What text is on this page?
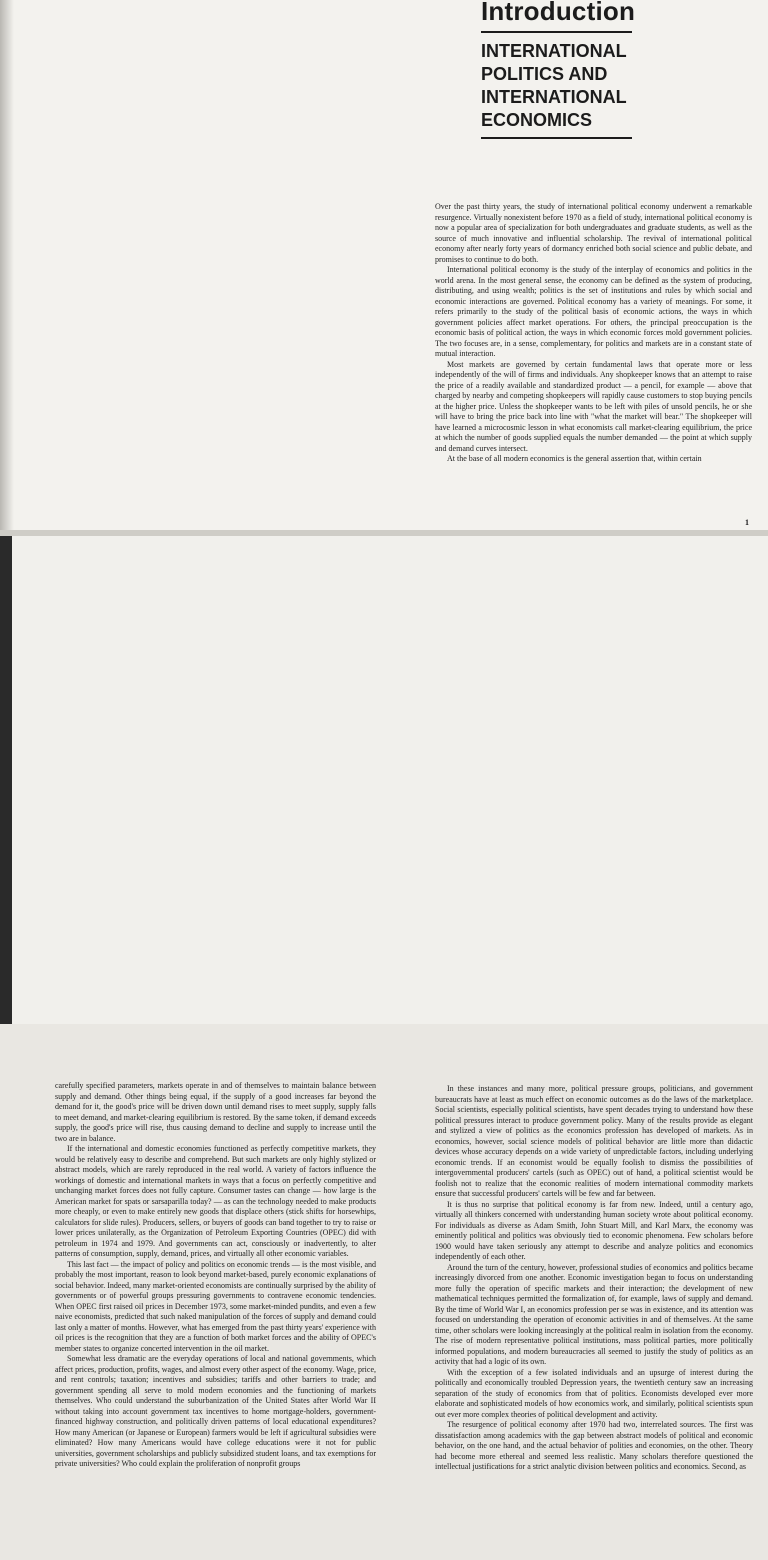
Introduction
INTERNATIONAL
POLITICS AND
INTERNATIONAL
ECONOMICS

Over the past thirty years, the study of international political economy underwent a remarkable resurgence. Virtually nonexistent before 1970 as a field of study, international political economy is now a popular area of specialization for both undergraduates and graduate students, as well as the source of much innovative and influential scholarship. The revival of international political economy after nearly forty years of dormancy enriched both social science and public debate, and promises to continue to do both.

International political economy is the study of the interplay of economics and politics in the world arena. In the most general sense, the economy can be defined as the system of producing, distributing, and using wealth; politics is the set of institutions and rules by which social and economic interactions are governed. Political economy has a variety of meanings. For some, it refers primarily to the study of the political basis of economic actions, the ways in which government policies affect market operations. For others, the principal preoccupation is the economic basis of political action, the ways in which economic forces mold government policies. The two focuses are, in a sense, complementary, for politics and markets are in a constant state of mutual interaction.

Most markets are governed by certain fundamental laws that operate more or less independently of the will of firms and individuals. Any shopkeeper knows that an attempt to raise the price of a readily available and standardized product — a pencil, for example — above that charged by nearby and competing shopkeepers will rapidly cause customers to stop buying pencils at the higher price. Unless the shopkeeper wants to be left with piles of unsold pencils, he or she will have to bring the price back into line with "what the market will bear." The shopkeeper will have learned a microcosmic lesson in what economists call market-clearing equilibrium, the price at which the number of goods supplied equals the number demanded — the point at which supply and demand curves intersect.

At the base of all modern economics is the general assertion that, within certain

1

carefully specified parameters, markets operate in and of themselves to maintain balance between supply and demand. Other things being equal, if the supply of a good increases far beyond the demand for it, the good's price will be driven down until demand rises to meet supply, supply falls to meet demand, and market-clearing equilibrium is restored. By the same token, if demand exceeds supply, the good's price will rise, thus causing demand to decline and supply to increase until the two are in balance.

If the international and domestic economies functioned as perfectly competitive markets, they would be relatively easy to describe and comprehend. But such markets are only highly stylized or abstract models, which are rarely reproduced in the real world. A variety of factors influence the workings of domestic and international markets in ways that a focus on perfectly competitive and unchanging market forces does not fully capture. Consumer tastes can change — how large is the American market for spats or sarsaparilla today? — as can the technology needed to make products more cheaply, or even to make entirely new goods that displace others (stick shifts for horsewhips, calculators for slide rules). Producers, sellers, or buyers of goods can band together to try to raise or lower prices unilaterally, as the Organization of Petroleum Exporting Countries (OPEC) did with petroleum in 1974 and 1979. And governments can act, consciously or inadvertently, to alter patterns of consumption, supply, demand, prices, and virtually all other economic variables.

This last fact — the impact of policy and politics on economic trends — is the most visible, and probably the most important, reason to look beyond market-based, purely economic explanations of social behavior. Indeed, many market-oriented economists are continually surprised by the ability of governments or of powerful groups pressuring governments to contravene economic tendencies. When OPEC first raised oil prices in December 1973, some market-minded pundits, and even a few naive economists, predicted that such naked manipulation of the forces of supply and demand could last only a matter of months. However, what has emerged from the past thirty years' experience with oil prices is the recognition that they are a function of both market forces and the ability of OPEC's member states to organize concerted intervention in the oil market.

Somewhat less dramatic are the everyday operations of local and national governments, which affect prices, production, profits, wages, and almost every other aspect of the economy. Wage, price, and rent controls; taxation; incentives and subsidies; tariffs and other barriers to trade; and government spending all serve to mold modern economies and the functioning of markets themselves. Who could understand the suburbanization of the United States after World War II without taking into account government tax incentives to home mortgage-holders, government-financed highway construction, and politically driven patterns of local educational expenditures? How many American (or Japanese or European) farmers would be left if agricultural subsidies were eliminated? How many Americans would have college educations were it not for public universities, government scholarships and publicly subsidized student loans, and tax exemptions for private universities? Who could explain the proliferation of nonprofit groups

In these instances and many more, political pressure groups, politicians, and government bureaucrats have at least as much effect on economic outcomes as do the laws of the marketplace. Social scientists, especially political scientists, have spent decades trying to understand how these political pressures interact to produce government policy. Many of the results provide as elegant and stylized a view of politics as the economics profession has developed of markets. As in economics, however, social science models of political behavior are little more than didactic devices whose accuracy depends on a wide variety of unpredictable factors, including underlying economic trends. If an economist would be equally foolish to dismiss the possibilities of intergovernmental producers' cartels (such as OPEC) out of hand, a political scientist would be foolish not to realize that the economic realities of modern international commodity markets ensure that successful producers' cartels will be few and far between.

It is thus no surprise that political economy is far from new. Indeed, until a century ago, virtually all thinkers concerned with understanding human society wrote about political economy. For individuals as diverse as Adam Smith, John Stuart Mill, and Karl Marx, the economy was eminently political and politics was obviously tied to economic phenomena. Few scholars before 1900 would have taken seriously any attempt to describe and analyze politics and economics independently of each other.

Around the turn of the century, however, professional studies of economics and politics became increasingly divorced from one another. Economic investigation began to focus on understanding more fully the operation of specific markets and their interaction; the development of new mathematical techniques permitted the formalization of, for example, laws of supply and demand. By the time of World War I, an economics profession per se was in existence, and its attention was focused on understanding the operation of economic activities in and of themselves. At the same time, other scholars were looking increasingly at the political realm in isolation from the economy. The rise of modern representative political institutions, mass political parties, more politically informed populations, and modern bureaucracies all seemed to justify the study of politics as an activity that had a logic of its own.

With the exception of a few isolated individuals and an upsurge of interest during the politically and economically troubled Depression years, the twentieth century saw an increasing separation of the study of economics from that of politics. Economists developed ever more elaborate and sophisticated models of how economics work, and similarly, political scientists spun out ever more complex theories of political development and activity.

The resurgence of political economy after 1970 had two, interrelated sources. The first was dissatisfaction among academics with the gap between abstract models of political and economic behavior, on the one hand, and the actual behavior of polities and economies, on the other. Theory had become more ethereal and seemed less realistic. Many scholars therefore questioned the intellectual justifications for a strict analytic division between politics and economics. Second, as
